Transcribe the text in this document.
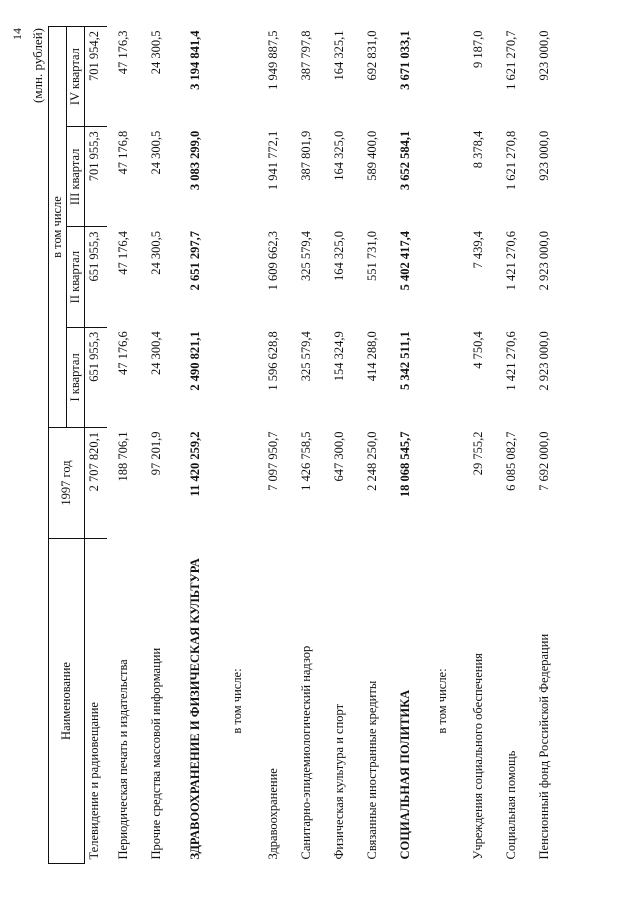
14 (млн. рублей)
Наименование	1997 год	в том числе			
		I квартал	II квартал	III квартал	IV квартал
Телевидение и радиовещание	2 707 820,1	651 955,3	651 955,3	701 955,3	701 954,2
Периодическая печать и издательства	188 706,1	47 176,6	47 176,4	47 176,8	47 176,3
Прочие средства массовой информации	97 201,9	24 300,4	24 300,5	24 300,5	24 300,5
ЗДРАВООХРАНЕНИЕ И ФИЗИЧЕСКАЯ КУЛЬТУРА	11 420 259,2	2 490 821,1	2 651 297,7	3 083 299,0	3 194 841,4
в том числе:					
Здравоохранение	7 097 950,7	1 596 628,8	1 609 662,3	1 941 772,1	1 949 887,5
Санитарно-эпидемиологический надзор	1 426 758,5	325 579,4	325 579,4	387 801,9	387 797,8
Физическая культура и спорт	647 300,0	154 324,9	164 325,0	164 325,0	164 325,1
Связанные иностранные кредиты	2 248 250,0	414 288,0	551 731,0	589 400,0	692 831,0
СОЦИАЛЬНАЯ ПОЛИТИКА	18 068 545,7	5 342 511,1	5 402 417,4	3 652 584,1	3 671 033,1
в том числе:					
Учреждения социального обеспечения	29 755,2	4 750,4	7 439,4	8 378,4	9 187,0
Социальная помощь	6 085 082,7	1 421 270,6	1 421 270,6	1 621 270,8	1 621 270,7
Пенсионный фонд Российской Федерации	7 692 000,0	2 923 000,0	2 923 000,0	923 000,0	923 000,0
